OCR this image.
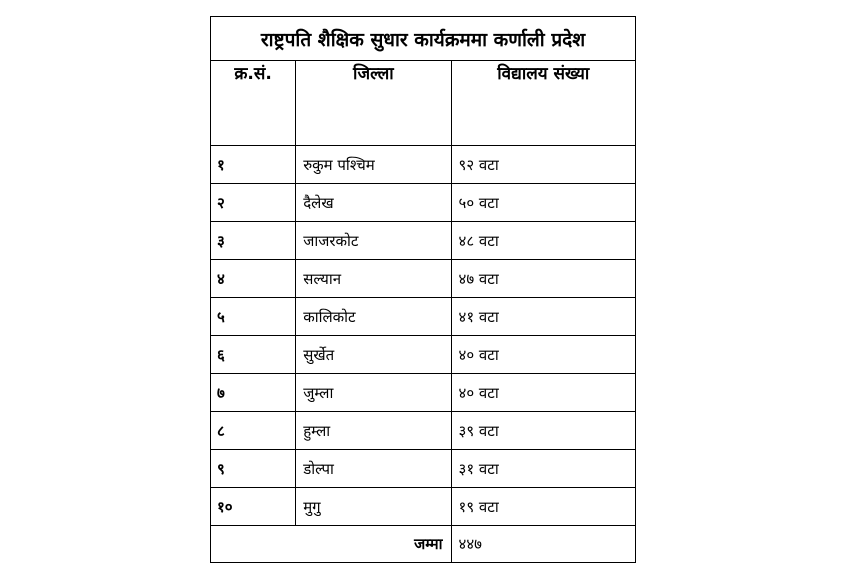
राष्ट्रपति शैक्षिक सुधार कार्यक्रममा कर्णाली प्रदेश		
क्र.सं.	जिल्ला	विद्यालय संख्या
१	रुकुम पश्चिम	९२ वटा
२	दैलेख	५० वटा
३	जाजरकोट	४८ वटा
४	सल्यान	४७ वटा
५	कालिकोट	४१ वटा
६	सुर्खेत	४० वटा
७	जुम्ला	४० वटा
८	हुम्ला	३९ वटा
९	डोल्पा	३१ वटा
१०	मुगु	१९ वटा
जम्मा		४४७
